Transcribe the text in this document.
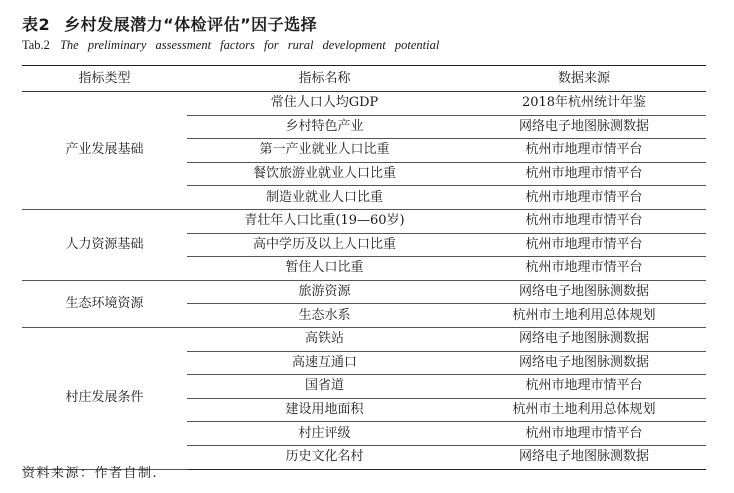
表2 乡村发展潜力“体检评估”因子选择
Tab.2 The preliminary assessment factors for rural development potential
指标类型	指标名称	数据来源
产业发展基础	常住人口人均GDP	2018年杭州统计年鉴
	乡村特色产业	网络电子地图脉测数据
	第一产业就业人口比重	杭州市地理市情平台
	餐饮旅游业就业人口比重	杭州市地理市情平台
	制造业就业人口比重	杭州市地理市情平台
人力资源基础	青壮年人口比重(19—60岁)	杭州市地理市情平台
	高中学历及以上人口比重	杭州市地理市情平台
	暂住人口比重	杭州市地理市情平台
生态环境资源	旅游资源	网络电子地图脉测数据
	生态水系	杭州市土地利用总体规划
村庄发展条件	高铁站	网络电子地图脉测数据
	高速互通口	网络电子地图脉测数据
	国省道	杭州市地理市情平台
	建设用地面积	杭州市土地利用总体规划
	村庄评级	杭州市地理市情平台
	历史文化名村	网络电子地图脉测数据
资料来源：作者自制.
